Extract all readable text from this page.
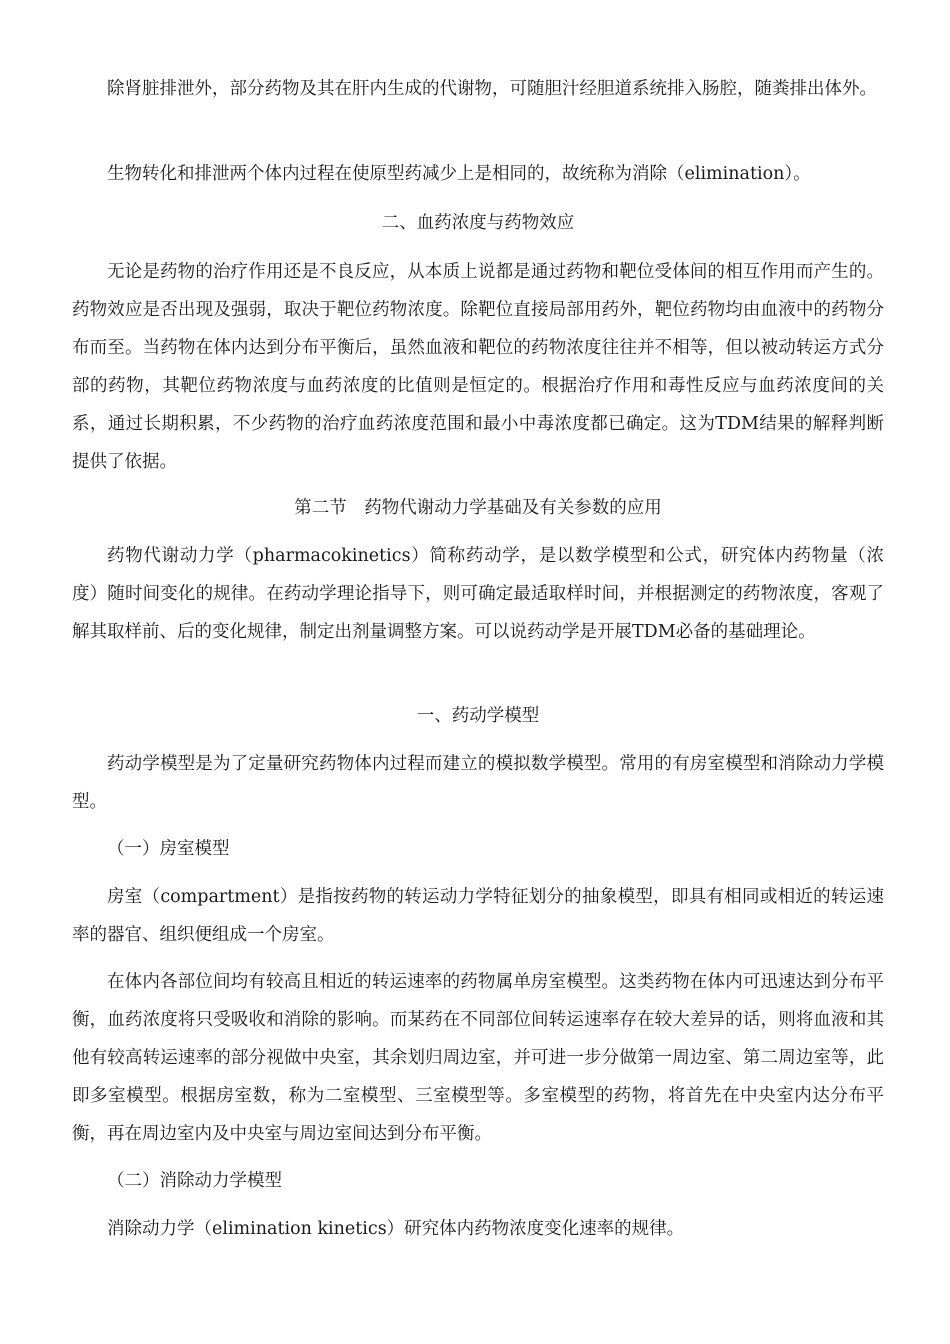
除肾脏排泄外，部分药物及其在肝内生成的代谢物，可随胆汁经胆道系统排入肠腔，随粪排出体外。

生物转化和排泄两个体内过程在使原型药减少上是相同的，故统称为消除（elimination）。

二、血药浓度与药物效应

无论是药物的治疗作用还是不良反应，从本质上说都是通过药物和靶位受体间的相互作用而产生的。药物效应是否出现及强弱，取决于靶位药物浓度。除靶位直接局部用药外，靶位药物均由血液中的药物分布而至。当药物在体内达到分布平衡后，虽然血液和靶位的药物浓度往往并不相等，但以被动转运方式分部的药物，其靶位药物浓度与血药浓度的比值则是恒定的。根据治疗作用和毒性反应与血药浓度间的关系，通过长期积累，不少药物的治疗血药浓度范围和最小中毒浓度都已确定。这为TDM结果的解释判断提供了依据。

第二节　药物代谢动力学基础及有关参数的应用

药物代谢动力学（pharmacokinetics）简称药动学，是以数学模型和公式，研究体内药物量（浓度）随时间变化的规律。在药动学理论指导下，则可确定最适取样时间，并根据测定的药物浓度，客观了解其取样前、后的变化规律，制定出剂量调整方案。可以说药动学是开展TDM必备的基础理论。

一、药动学模型

药动学模型是为了定量研究药物体内过程而建立的模拟数学模型。常用的有房室模型和消除动力学模型。

（一）房室模型

房室（compartment）是指按药物的转运动力学特征划分的抽象模型，即具有相同或相近的转运速率的器官、组织便组成一个房室。

在体内各部位间均有较高且相近的转运速率的药物属单房室模型。这类药物在体内可迅速达到分布平衡，血药浓度将只受吸收和消除的影响。而某药在不同部位间转运速率存在较大差异的话，则将血液和其他有较高转运速率的部分视做中央室，其余划归周边室，并可进一步分做第一周边室、第二周边室等，此即多室模型。根据房室数，称为二室模型、三室模型等。多室模型的药物，将首先在中央室内达分布平衡，再在周边室内及中央室与周边室间达到分布平衡。

（二）消除动力学模型

消除动力学（elimination kinetics）研究体内药物浓度变化速率的规律。
